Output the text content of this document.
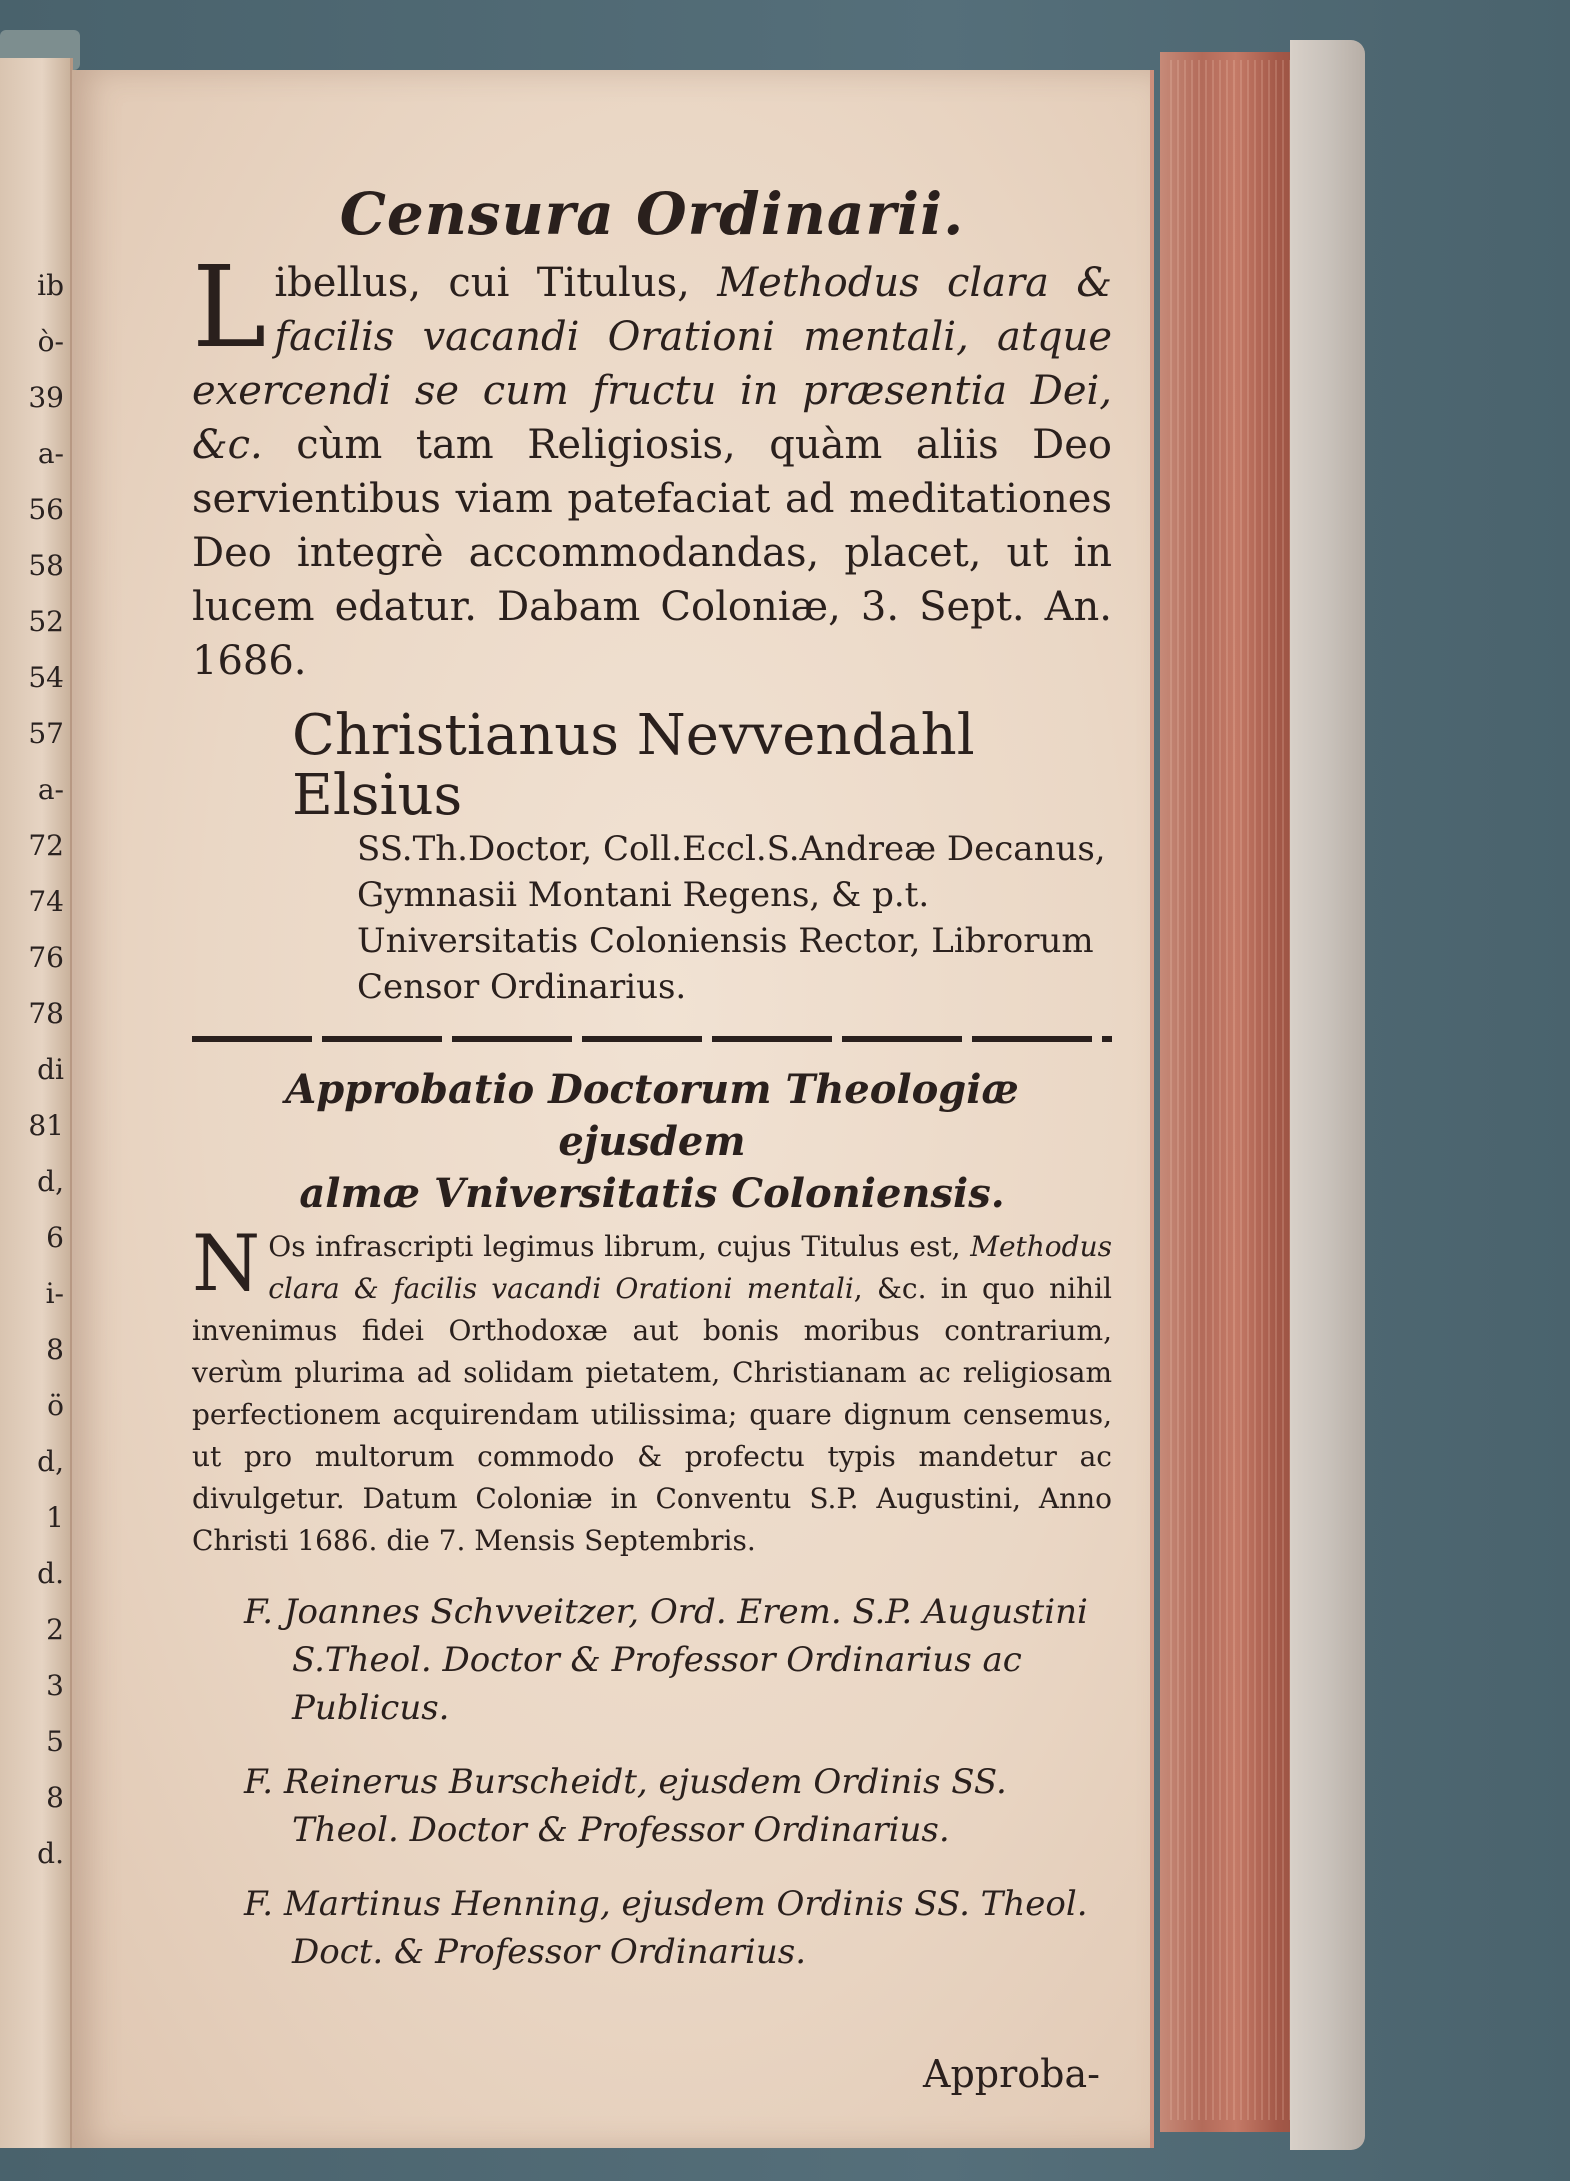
ib
ò-
39
a-
56
58
52
54
57
a-
72
74
76
78
di
81
d,
6
i-
8
ö
d,
1
d.
2
3
5
8
d.
Censura Ordinarii.
L ibellus, cui Titulus, Methodus clara & facilis vacandi Orationi mentali, atque exercendi se cum fructu in præsentia Dei, &c. cùm tam Religiosis, quàm aliis Deo servientibus viam patefaciat ad meditationes Deo integrè accommodandas, placet, ut in lucem edatur. Dabam Coloniæ, 3. Sept. An. 1686.
Christianus Nevvendahl Elsius
SS.Th.Doctor, Coll.Eccl.S.Andreæ Decanus, Gymnasii Montani Regens, & p.t. Universitatis Coloniensis Rector, Librorum Censor Ordinarius.
Approbatio Doctorum Theologiæ ejusdem
almæ Vniversitatis Coloniensis.
N Os infrascripti legimus librum, cujus Titulus est, Methodus clara & facilis vacandi Orationi mentali, &c. in quo nihil invenimus fidei Orthodoxæ aut bonis moribus contrarium, verùm plurima ad solidam pietatem, Christianam ac religiosam perfectionem acquirendam utilissima; quare dignum censemus, ut pro multorum commodo & profectu typis mandetur ac divulgetur. Datum Coloniæ in Conventu S.P. Augustini, Anno Christi 1686. die 7. Mensis Septembris.
F. Joannes Schvveitzer, Ord. Erem. S.P. Augustini S.Theol. Doctor & Professor Ordinarius ac Publicus.
F. Reinerus Burscheidt, ejusdem Ordinis SS. Theol. Doctor & Professor Ordinarius.
F. Martinus Henning, ejusdem Ordinis SS. Theol. Doct. & Professor Ordinarius.
Approba-
